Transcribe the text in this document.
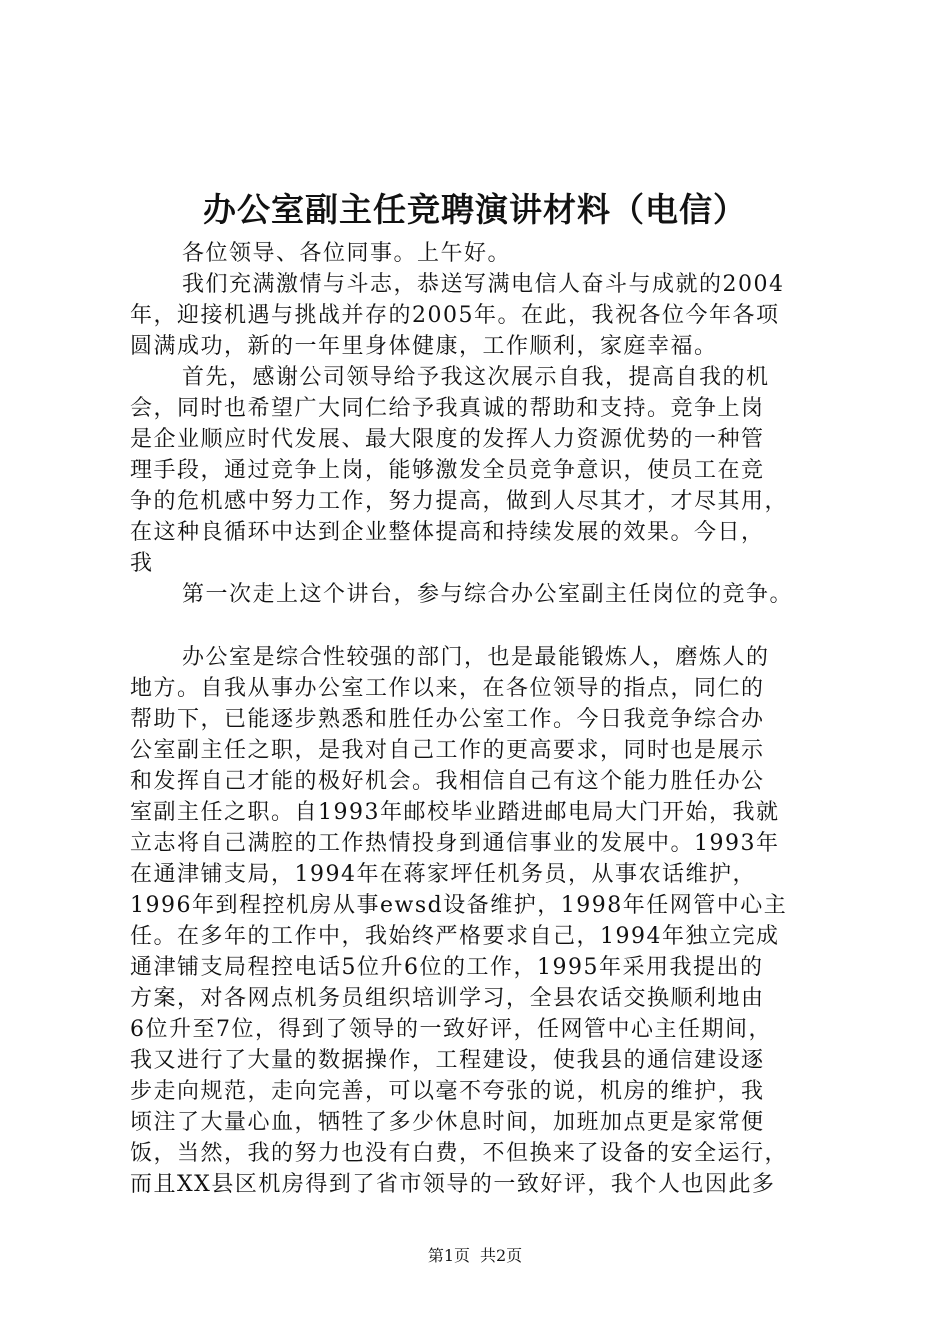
办公室副主任竞聘演讲材料（电信）
各位领导、各位同事。上午好。
我们充满激情与斗志，恭送写满电信人奋斗与成就的2004
年，迎接机遇与挑战并存的2005年。在此，我祝各位今年各项
圆满成功，新的一年里身体健康，工作顺利，家庭幸福。
首先，感谢公司领导给予我这次展示自我，提高自我的机
会，同时也希望广大同仁给予我真诚的帮助和支持。竞争上岗
是企业顺应时代发展、最大限度的发挥人力资源优势的一种管
理手段，通过竞争上岗，能够激发全员竞争意识，使员工在竞
争的危机感中努力工作，努力提高，做到人尽其才，才尽其用，
在这种良循环中达到企业整体提高和持续发展的效果。今日，
我
第一次走上这个讲台，参与综合办公室副主任岗位的竞争。
办公室是综合性较强的部门，也是最能锻炼人，磨炼人的
地方。自我从事办公室工作以来，在各位领导的指点，同仁的
帮助下，已能逐步熟悉和胜任办公室工作。今日我竞争综合办
公室副主任之职，是我对自己工作的更高要求，同时也是展示
和发挥自己才能的极好机会。我相信自己有这个能力胜任办公
室副主任之职。自1993年邮校毕业踏进邮电局大门开始，我就
立志将自己满腔的工作热情投身到通信事业的发展中。1993年
在通津铺支局，1994年在蒋家坪任机务员，从事农话维护，
1996年到程控机房从事ewsd设备维护，1998年任网管中心主
任。在多年的工作中，我始终严格要求自己，1994年独立完成
通津铺支局程控电话5位升6位的工作，1995年采用我提出的
方案，对各网点机务员组织培训学习，全县农话交换顺利地由
6位升至7位，得到了领导的一致好评，任网管中心主任期间，
我又进行了大量的数据操作，工程建设，使我县的通信建设逐
步走向规范，走向完善，可以毫不夸张的说，机房的维护，我
顷注了大量心血，牺牲了多少休息时间，加班加点更是家常便
饭，当然，我的努力也没有白费，不但换来了设备的安全运行，
而且XX县区机房得到了省市领导的一致好评，我个人也因此多
第1页 共2页
